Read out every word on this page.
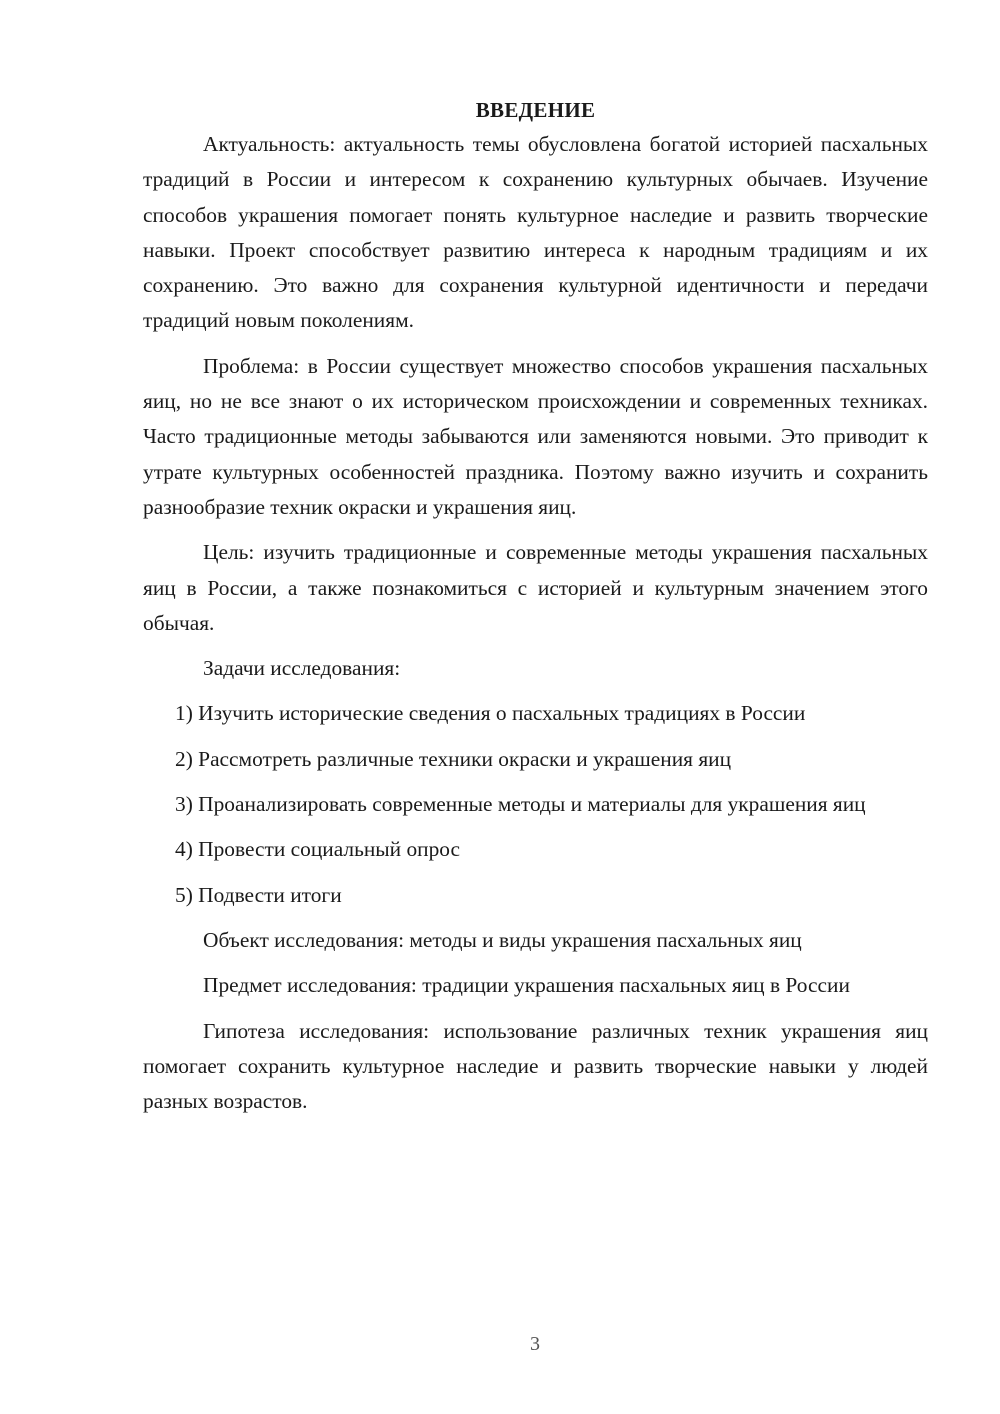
ВВЕДЕНИЕ

Актуальность: актуальность темы обусловлена богатой историей пасхальных традиций в России и интересом к сохранению культурных обычаев. Изучение способов украшения помогает понять культурное наследие и развить творческие навыки. Проект способствует развитию интереса к народным традициям и их сохранению. Это важно для сохранения культурной идентичности и передачи традиций новым поколениям.

Проблема: в России существует множество способов украшения пасхальных яиц, но не все знают о их историческом происхождении и современных техниках. Часто традиционные методы забываются или заменяются новыми. Это приводит к утрате культурных особенностей праздника. Поэтому важно изучить и сохранить разнообразие техник окраски и украшения яиц.

Цель: изучить традиционные и современные методы украшения пасхальных яиц в России, а также познакомиться с историей и культурным значением этого обычая.

Задачи исследования:

1) Изучить исторические сведения о пасхальных традициях в России

2) Рассмотреть различные техники окраски и украшения яиц

3) Проанализировать современные методы и материалы для украшения яиц

4) Провести социальный опрос

5) Подвести итоги

Объект исследования: методы и виды украшения пасхальных яиц

Предмет исследования: традиции украшения пасхальных яиц в России

Гипотеза исследования: использование различных техник украшения яиц помогает сохранить культурное наследие и развить творческие навыки у людей разных возрастов.

3
